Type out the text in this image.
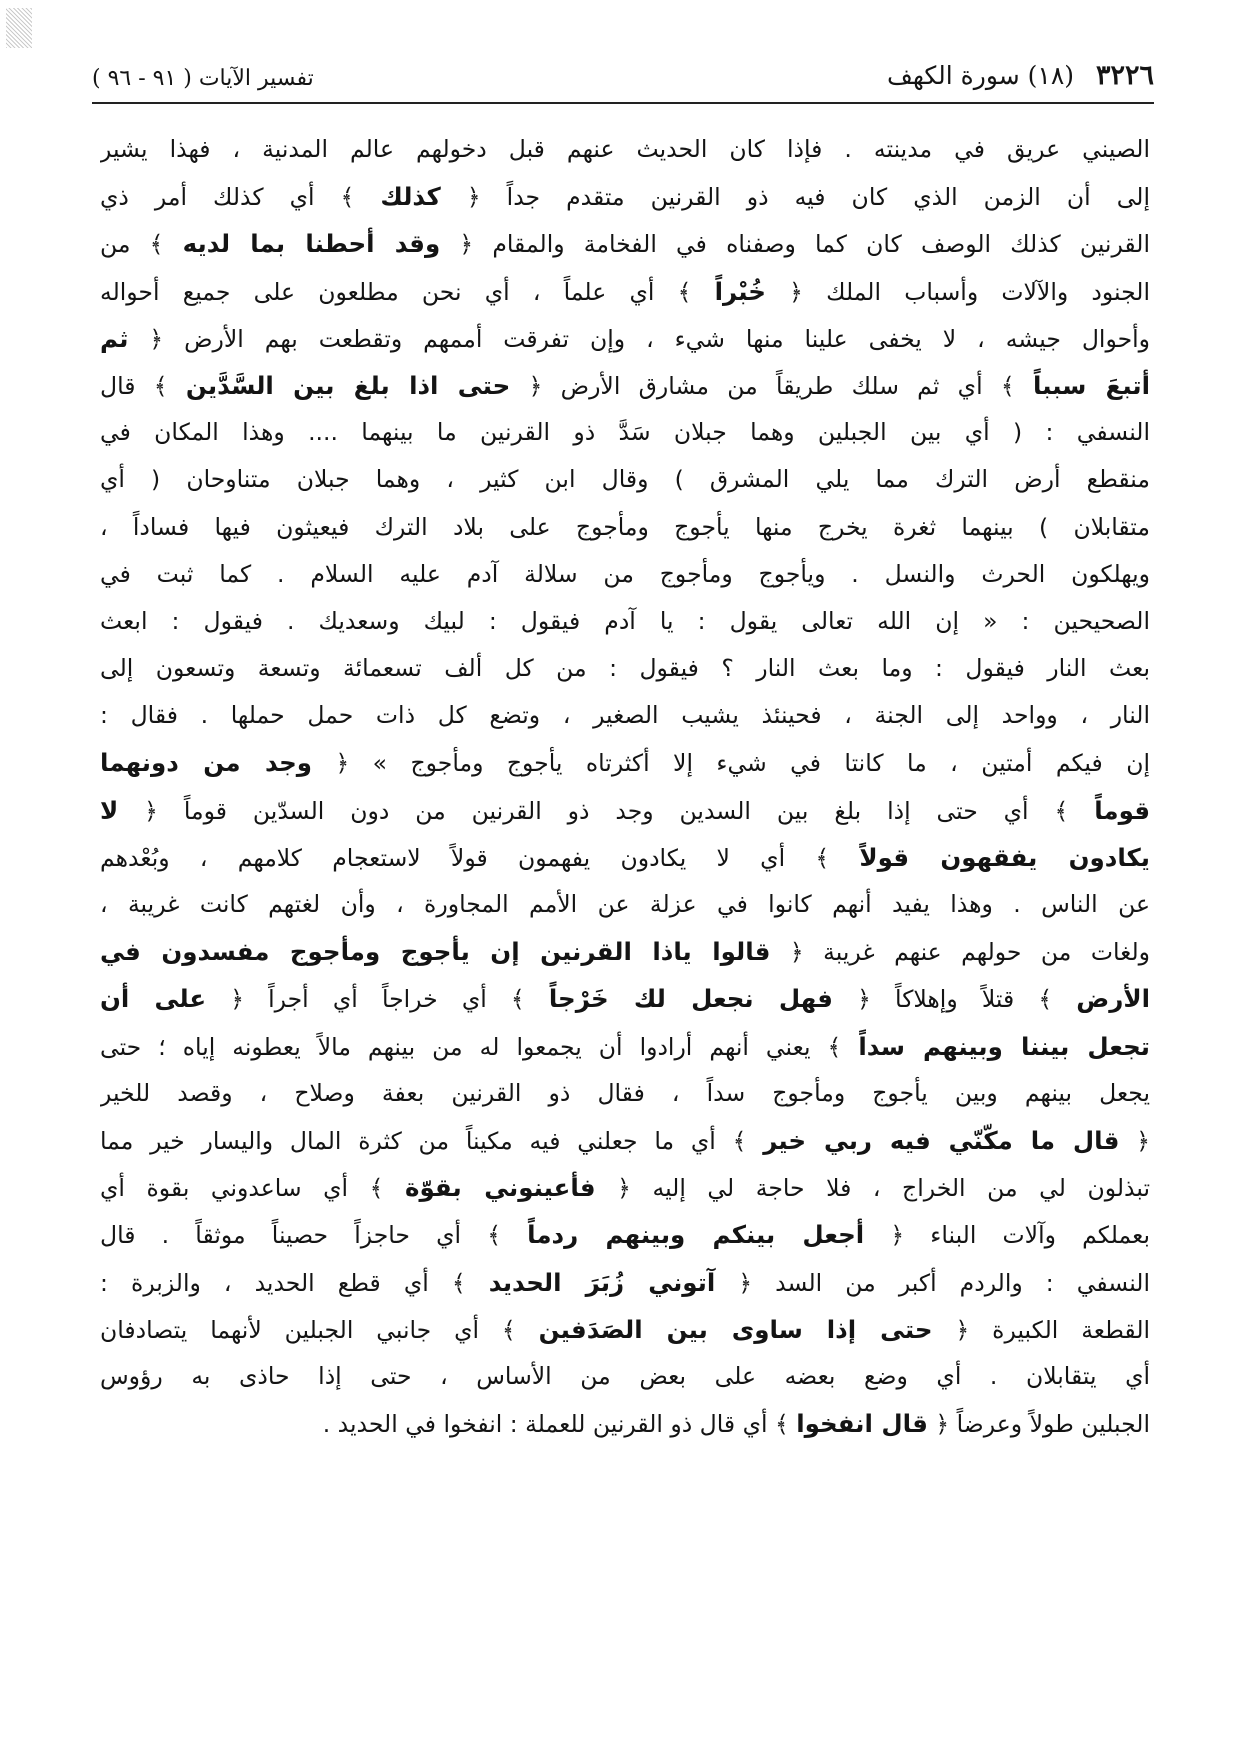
٣٢٢٦ (١٨) سورة الكهف
تفسير الآيات ( ٩١ - ٩٦ )
الصيني عريق في مدينته . فإذا كان الحديث عنهم قبل دخولهم عالم المدنية ، فهذا يشير
إلى أن الزمن الذي كان فيه ذو القرنين متقدم جداً ﴿ كذلك ﴾ أي كذلك أمر ذي
القرنين كذلك الوصف كان كما وصفناه في الفخامة والمقام ﴿ وقد أحطنا بما لديه ﴾ من
الجنود والآلات وأسباب الملك ﴿ خُبْراً ﴾ أي علماً ، أي نحن مطلعون على جميع أحواله
وأحوال جيشه ، لا يخفى علينا منها شيء ، وإن تفرقت أممهم وتقطعت بهم الأرض ﴿ ثم
أتبعَ سبباً ﴾ أي ثم سلك طريقاً من مشارق الأرض ﴿ حتى اذا بلغ بين السَّدَّين ﴾ قال
النسفي : ( أي بين الجبلين وهما جبلان سَدَّ ذو القرنين ما بينهما .... وهذا المكان في
منقطع أرض الترك مما يلي المشرق ) وقال ابن كثير ، وهما جبلان متناوحان ( أي
متقابلان ) بينهما ثغرة يخرج منها يأجوج ومأجوج على بلاد الترك فيعيثون فيها فساداً ،
ويهلكون الحرث والنسل . ويأجوج ومأجوج من سلالة آدم عليه السلام . كما ثبت في
الصحيحين : « إن الله تعالى يقول : يا آدم فيقول : لبيك وسعديك . فيقول : ابعث
بعث النار فيقول : وما بعث النار ؟ فيقول : من كل ألف تسعمائة وتسعة وتسعون إلى
النار ، وواحد إلى الجنة ، فحينئذ يشيب الصغير ، وتضع كل ذات حمل حملها . فقال :
إن فيكم أمتين ، ما كانتا في شيء إلا أكثرتاه يأجوج ومأجوج » ﴿ وجد من دونهما
قوماً ﴾ أي حتى إذا بلغ بين السدين وجد ذو القرنين من دون السدّين قوماً ﴿ لا
يكادون يفقهون قولاً ﴾ أي لا يكادون يفهمون قولاً لاستعجام كلامهم ، وبُعْدهم
عن الناس . وهذا يفيد أنهم كانوا في عزلة عن الأمم المجاورة ، وأن لغتهم كانت غريبة ،
ولغات من حولهم عنهم غريبة ﴿ قالوا ياذا القرنين إن يأجوج ومأجوج مفسدون في
الأرض ﴾ قتلاً وإهلاكاً ﴿ فهل نجعل لك خَرْجاً ﴾ أي خراجاً أي أجراً ﴿ على أن
تجعل بيننا وبينهم سداً ﴾ يعني أنهم أرادوا أن يجمعوا له من بينهم مالاً يعطونه إياه ؛ حتى
يجعل بينهم وبين يأجوج ومأجوج سداً ، فقال ذو القرنين بعفة وصلاح ، وقصد للخير
﴿ قال ما مكّنّي فيه ربي خير ﴾ أي ما جعلني فيه مكيناً من كثرة المال واليسار خير مما
تبذلون لي من الخراج ، فلا حاجة لي إليه ﴿ فأعينوني بقوّة ﴾ أي ساعدوني بقوة أي
بعملكم وآلات البناء ﴿ أجعل بينكم وبينهم ردماً ﴾ أي حاجزاً حصيناً موثقاً . قال
النسفي : والردم أكبر من السد ﴿ آتوني زُبَرَ الحديد ﴾ أي قطع الحديد ، والزبرة :
القطعة الكبيرة ﴿ حتى إذا ساوى بين الصَدَفين ﴾ أي جانبي الجبلين لأنهما يتصادفان
أي يتقابلان . أي وضع بعضه على بعض من الأساس ، حتى إذا حاذى به رؤوس
الجبلين طولاً وعرضاً ﴿ قال انفخوا ﴾ أي قال ذو القرنين للعملة : انفخوا في الحديد .
